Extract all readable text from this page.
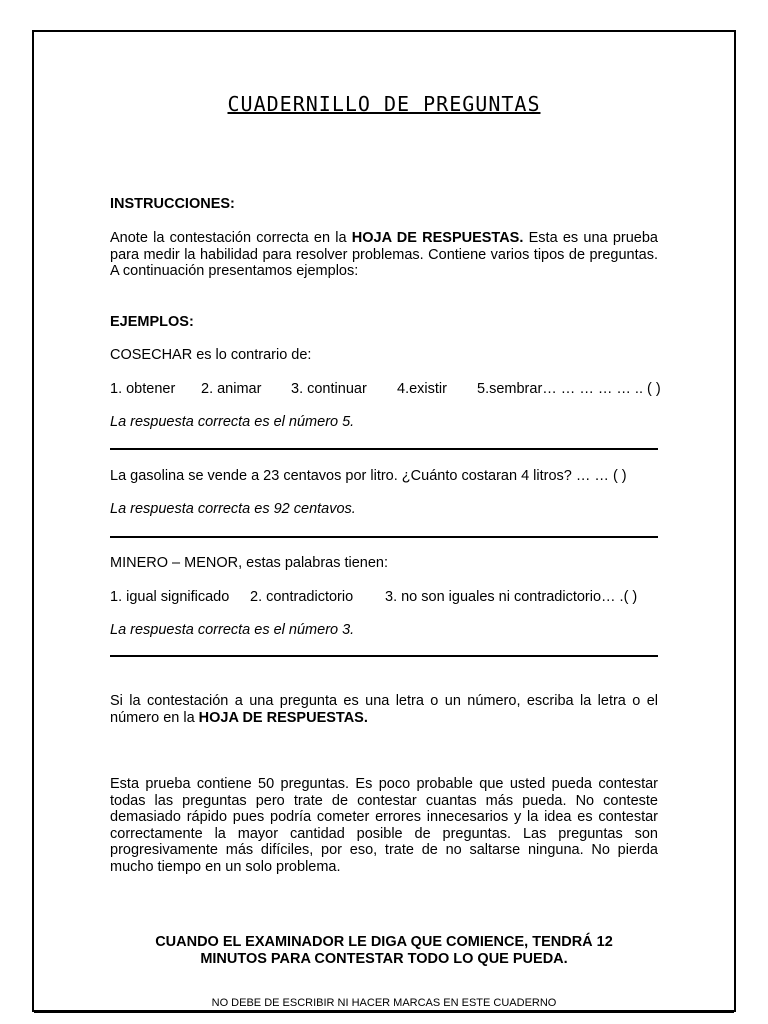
CUADERNILLO DE PREGUNTAS
INSTRUCCIONES:
Anote la contestación correcta en la HOJA DE RESPUESTAS. Esta es una prueba para medir la habilidad para resolver problemas. Contiene varios tipos de preguntas. A continuación presentamos ejemplos:
EJEMPLOS:
COSECHAR es lo contrario de:
1. obtener 2. animar 3. continuar 4.existir 5.sembrar… … … … … .. ( )
La respuesta correcta es el número 5.
La gasolina se vende a 23 centavos por litro. ¿Cuánto costaran 4 litros? … … ( )
La respuesta correcta es 92 centavos.
MINERO – MENOR, estas palabras tienen:
1. igual significado 2. contradictorio 3. no son iguales ni contradictorio… .( )
La respuesta correcta es el número 3.
Si la contestación a una pregunta es una letra o un número, escriba la letra o el número en la HOJA DE RESPUESTAS.
Esta prueba contiene 50 preguntas. Es poco probable que usted pueda contestar todas las preguntas pero trate de contestar cuantas más pueda. No conteste demasiado rápido pues podría cometer errores innecesarios y la idea es contestar correctamente la mayor cantidad posible de preguntas. Las preguntas son progresivamente más difíciles, por eso, trate de no saltarse ninguna. No pierda mucho tiempo en un solo problema.
CUANDO EL EXAMINADOR LE DIGA QUE COMIENCE, TENDRÁ 12
MINUTOS PARA CONTESTAR TODO LO QUE PUEDA.
NO DEBE DE ESCRIBIR NI HACER MARCAS EN ESTE CUADERNO
